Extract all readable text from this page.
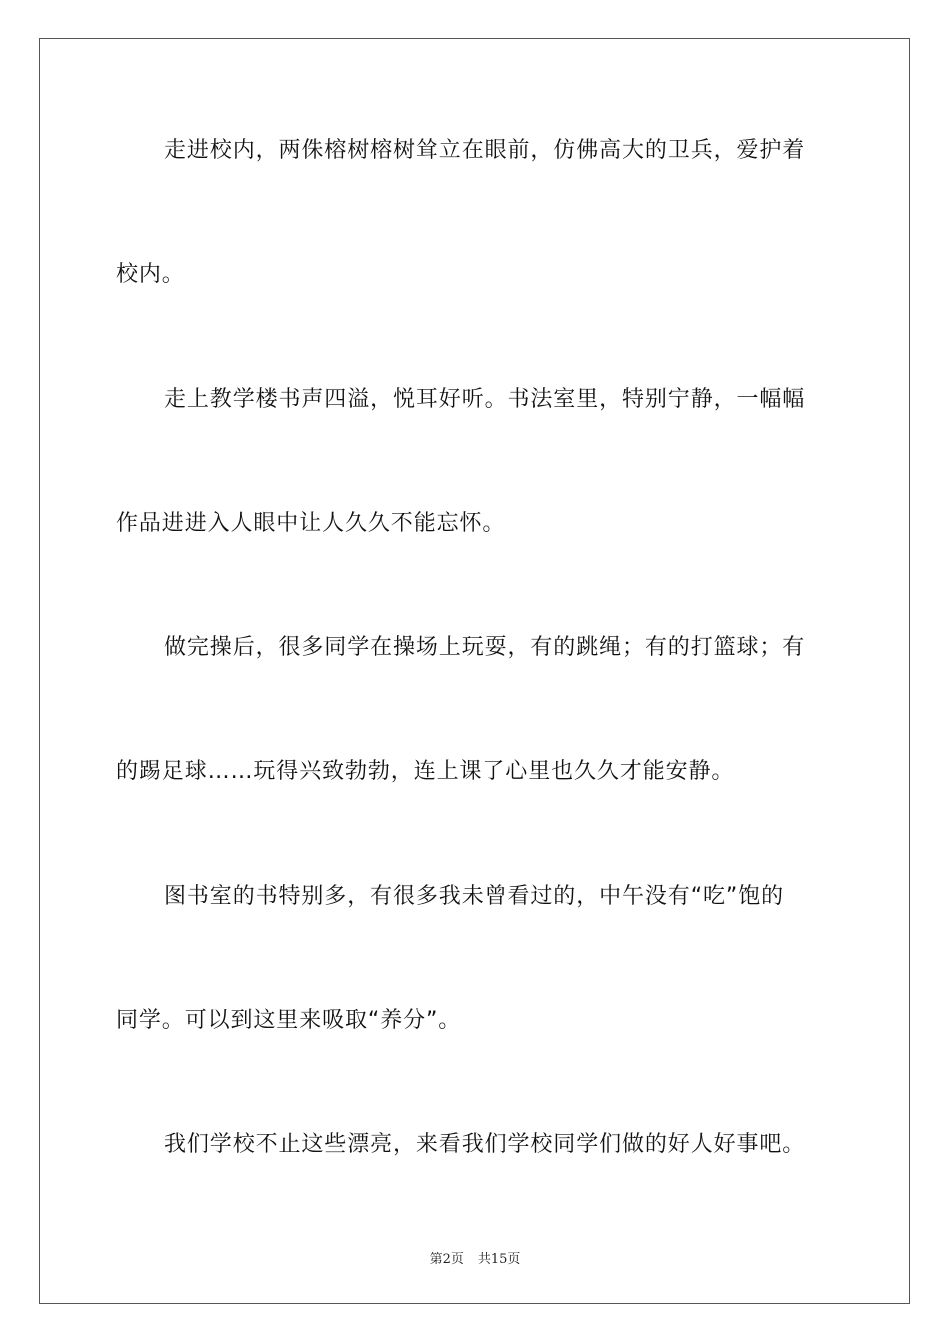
走进校内，两侏榕树榕树耸立在眼前，仿佛高大的卫兵，爱护着
校内。
走上教学楼书声四溢，悦耳好听。书法室里，特别宁静，一幅幅
作品进进入人眼中让人久久不能忘怀。
做完操后，很多同学在操场上玩耍，有的跳绳；有的打篮球；有
的踢足球……玩得兴致勃勃，连上课了心里也久久才能安静。
图书室的书特别多，有很多我未曾看过的，中午没有“吃”饱的
同学。可以到这里来吸取“养分”。
我们学校不止这些漂亮，来看我们学校同学们做的好人好事吧。
第2页 共15页
